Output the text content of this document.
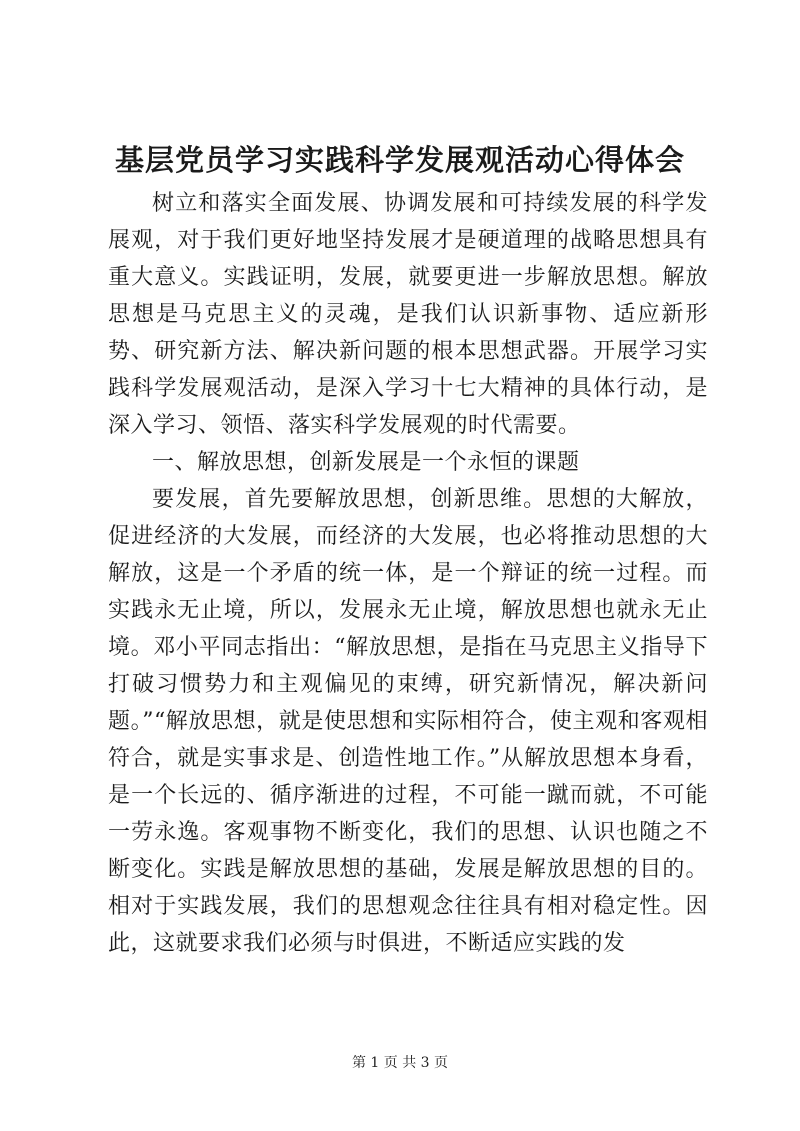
基层党员学习实践科学发展观活动心得体会

树立和落实全面发展、协调发展和可持续发展的科学发展观，对于我们更好地坚持发展才是硬道理的战略思想具有重大意义。实践证明，发展，就要更进一步解放思想。解放思想是马克思主义的灵魂，是我们认识新事物、适应新形势、研究新方法、解决新问题的根本思想武器。开展学习实践科学发展观活动，是深入学习十七大精神的具体行动，是深入学习、领悟、落实科学发展观的时代需要。

一、解放思想，创新发展是一个永恒的课题

要发展，首先要解放思想，创新思维。思想的大解放，促进经济的大发展，而经济的大发展，也必将推动思想的大解放，这是一个矛盾的统一体，是一个辩证的统一过程。而实践永无止境，所以，发展永无止境，解放思想也就永无止境。邓小平同志指出：“解放思想，是指在马克思主义指导下打破习惯势力和主观偏见的束缚，研究新情况，解决新问题。”“解放思想，就是使思想和实际相符合，使主观和客观相符合，就是实事求是、创造性地工作。”从解放思想本身看，是一个长远的、循序渐进的过程，不可能一蹴而就，不可能一劳永逸。客观事物不断变化，我们的思想、认识也随之不断变化。实践是解放思想的基础，发展是解放思想的目的。相对于实践发展，我们的思想观念往往具有相对稳定性。因此，这就要求我们必须与时俱进，不断适应实践的发

第 1 页 共 3 页
